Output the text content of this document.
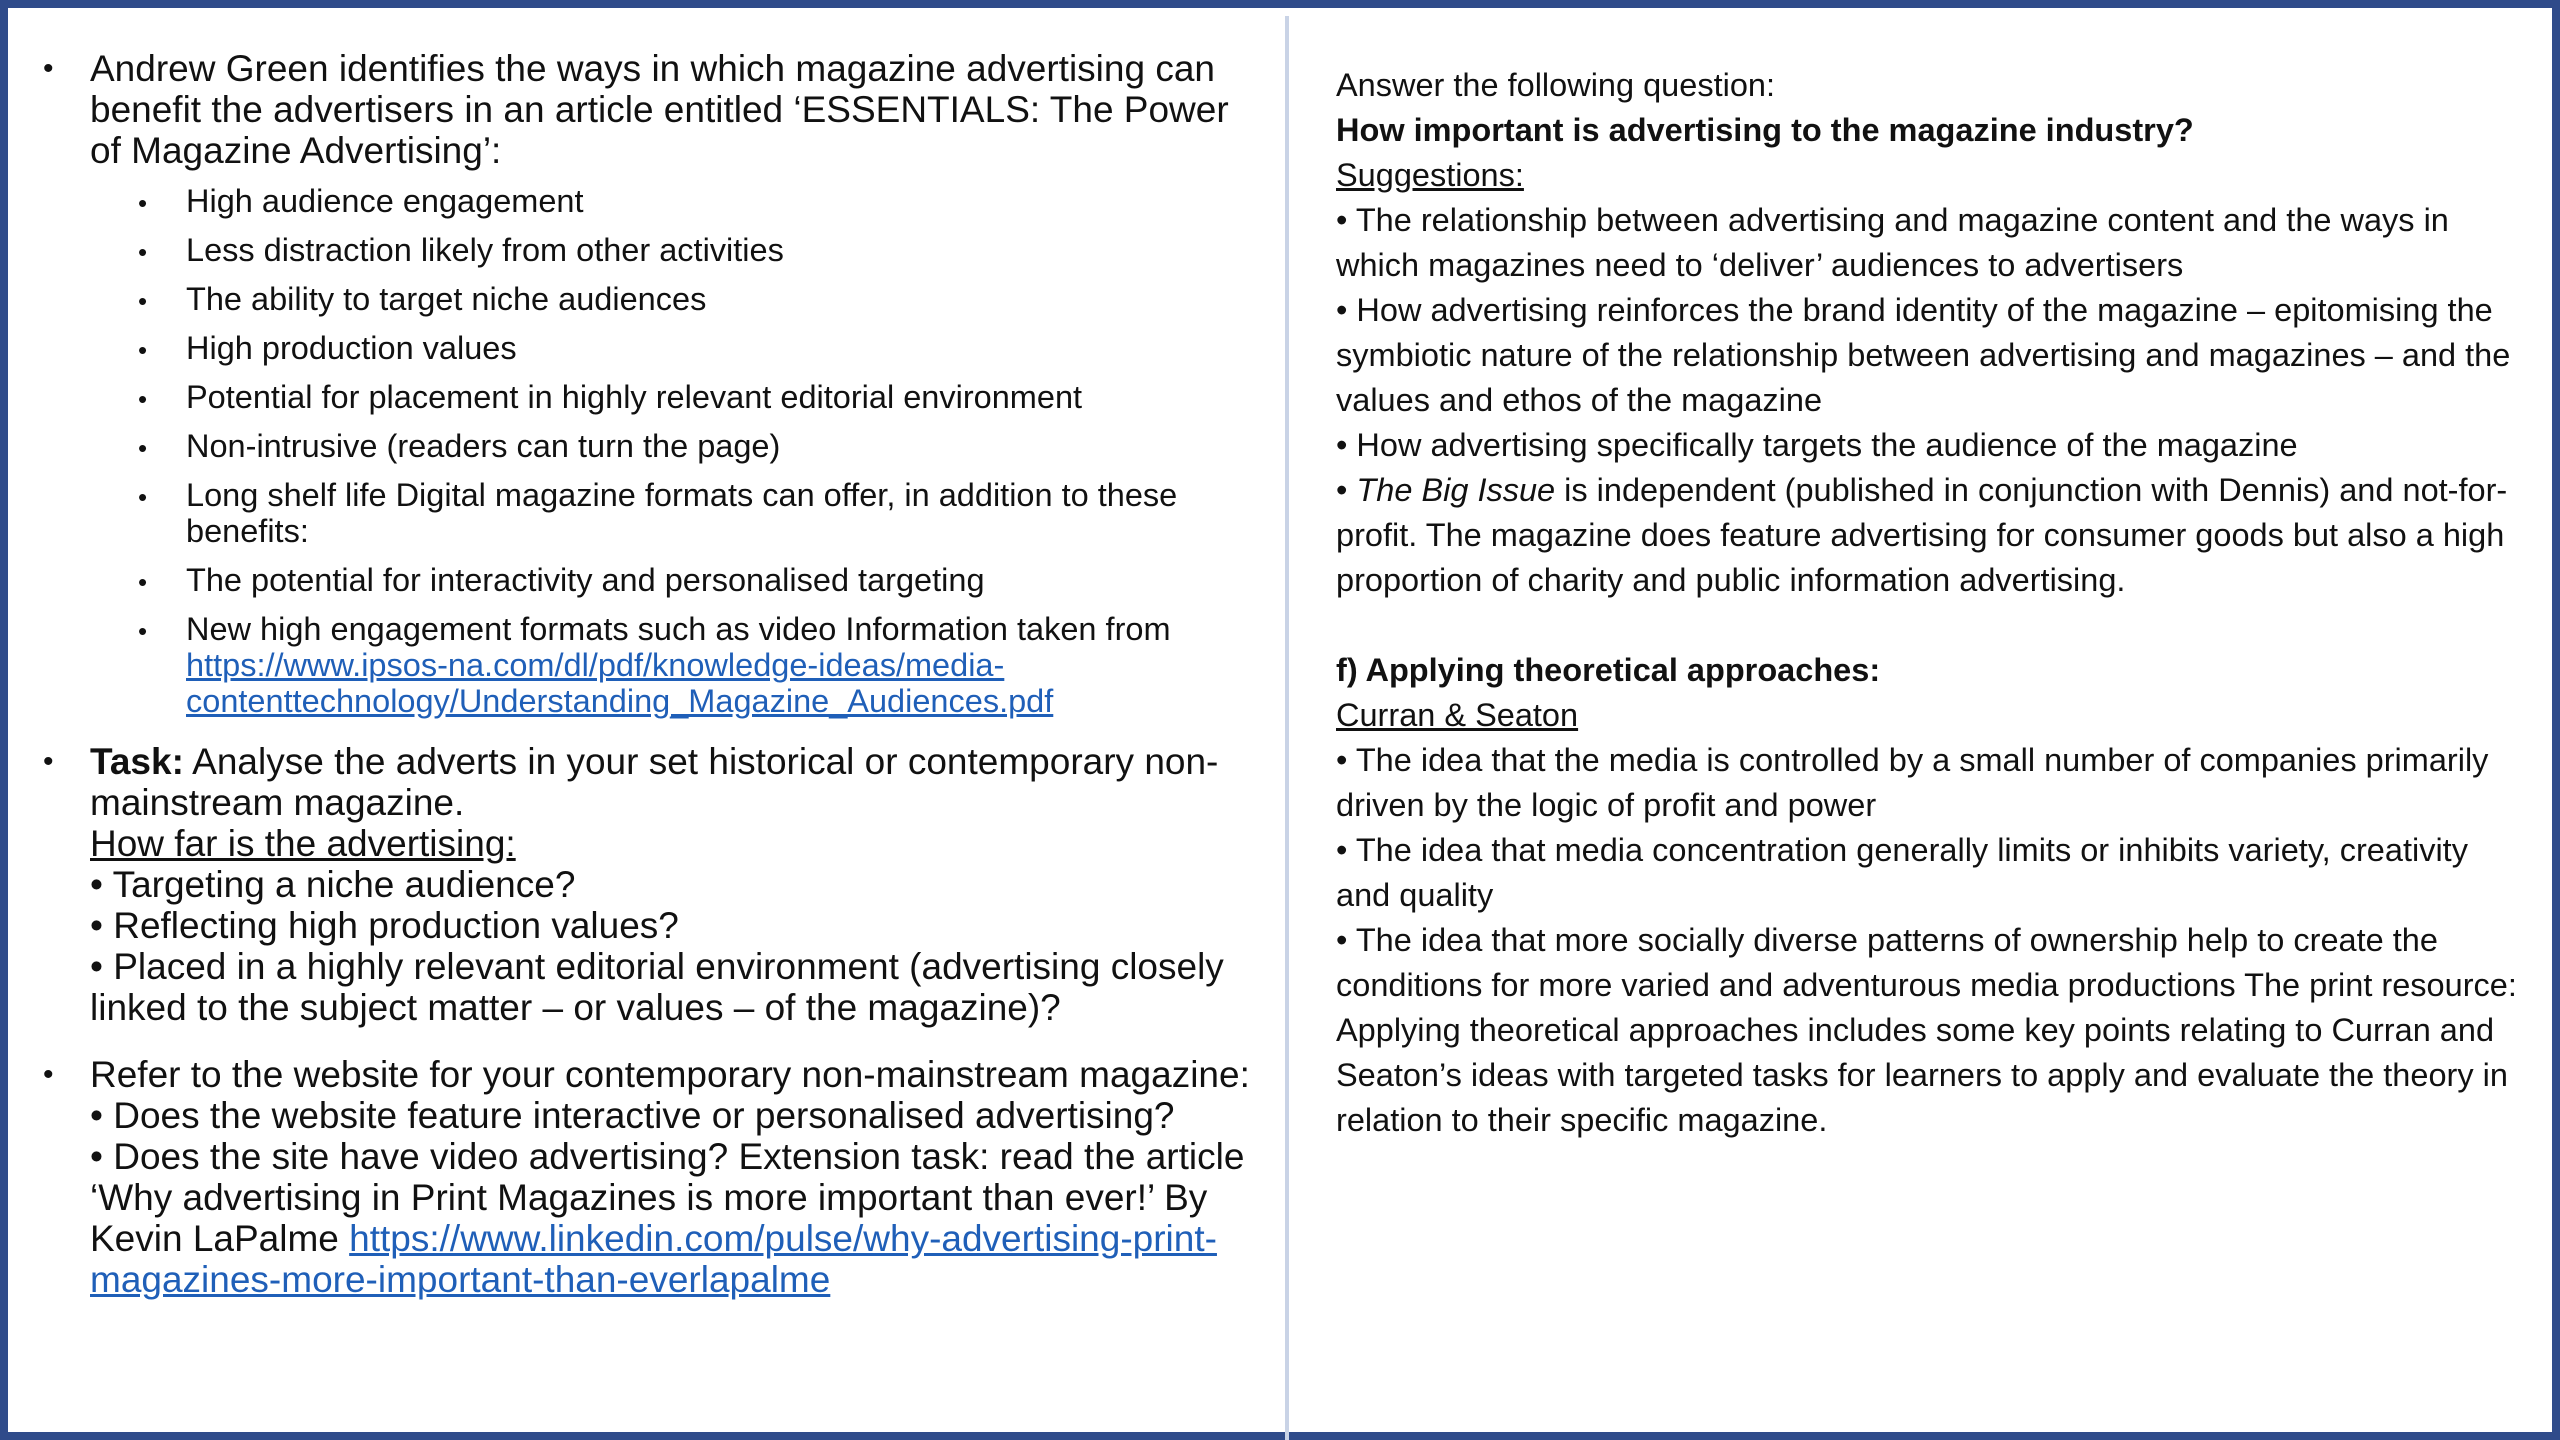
• Andrew Green identifies the ways in which magazine advertising can benefit the advertisers in an article entitled ‘ESSENTIALS: The Power of Magazine Advertising’:
• High audience engagement
• Less distraction likely from other activities
• The ability to target niche audiences
• High production values
• Potential for placement in highly relevant editorial environment
• Non-intrusive (readers can turn the page)
• Long shelf life Digital magazine formats can offer, in addition to these benefits:
• The potential for interactivity and personalised targeting
• New high engagement formats such as video Information taken from
https://www.ipsos-na.com/dl/pdf/knowledge-ideas/media-contenttechnology/Understanding_Magazine_Audiences.pdf
• Task: Analyse the adverts in your set historical or contemporary non-mainstream magazine.
How far is the advertising:
• Targeting a niche audience?
• Reflecting high production values?
• Placed in a highly relevant editorial environment (advertising closely linked to the subject matter – or values – of the magazine)?
• Refer to the website for your contemporary non-mainstream magazine:
• Does the website feature interactive or personalised advertising?
• Does the site have video advertising? Extension task: read the article ‘Why advertising in Print Magazines is more important than ever!’ By Kevin LaPalme https://www.linkedin.com/pulse/why-advertising-print-magazines-more-important-than-everlapalme

Answer the following question:

How important is advertising to the magazine industry?

Suggestions:

• The relationship between advertising and magazine content and the ways in which magazines need to ‘deliver’ audiences to advertisers

• How advertising reinforces the brand identity of the magazine – epitomising the symbiotic nature of the relationship between advertising and magazines – and the values and ethos of the magazine

• How advertising specifically targets the audience of the magazine

• The Big Issue is independent (published in conjunction with Dennis) and not-for-profit. The magazine does feature advertising for consumer goods but also a high proportion of charity and public information advertising.

f) Applying theoretical approaches:

Curran & Seaton

• The idea that the media is controlled by a small number of companies primarily driven by the logic of profit and power

• The idea that media concentration generally limits or inhibits variety, creativity and quality

• The idea that more socially diverse patterns of ownership help to create the conditions for more varied and adventurous media productions The print resource: Applying theoretical approaches includes some key points relating to Curran and Seaton’s ideas with targeted tasks for learners to apply and evaluate the theory in relation to their specific magazine.
